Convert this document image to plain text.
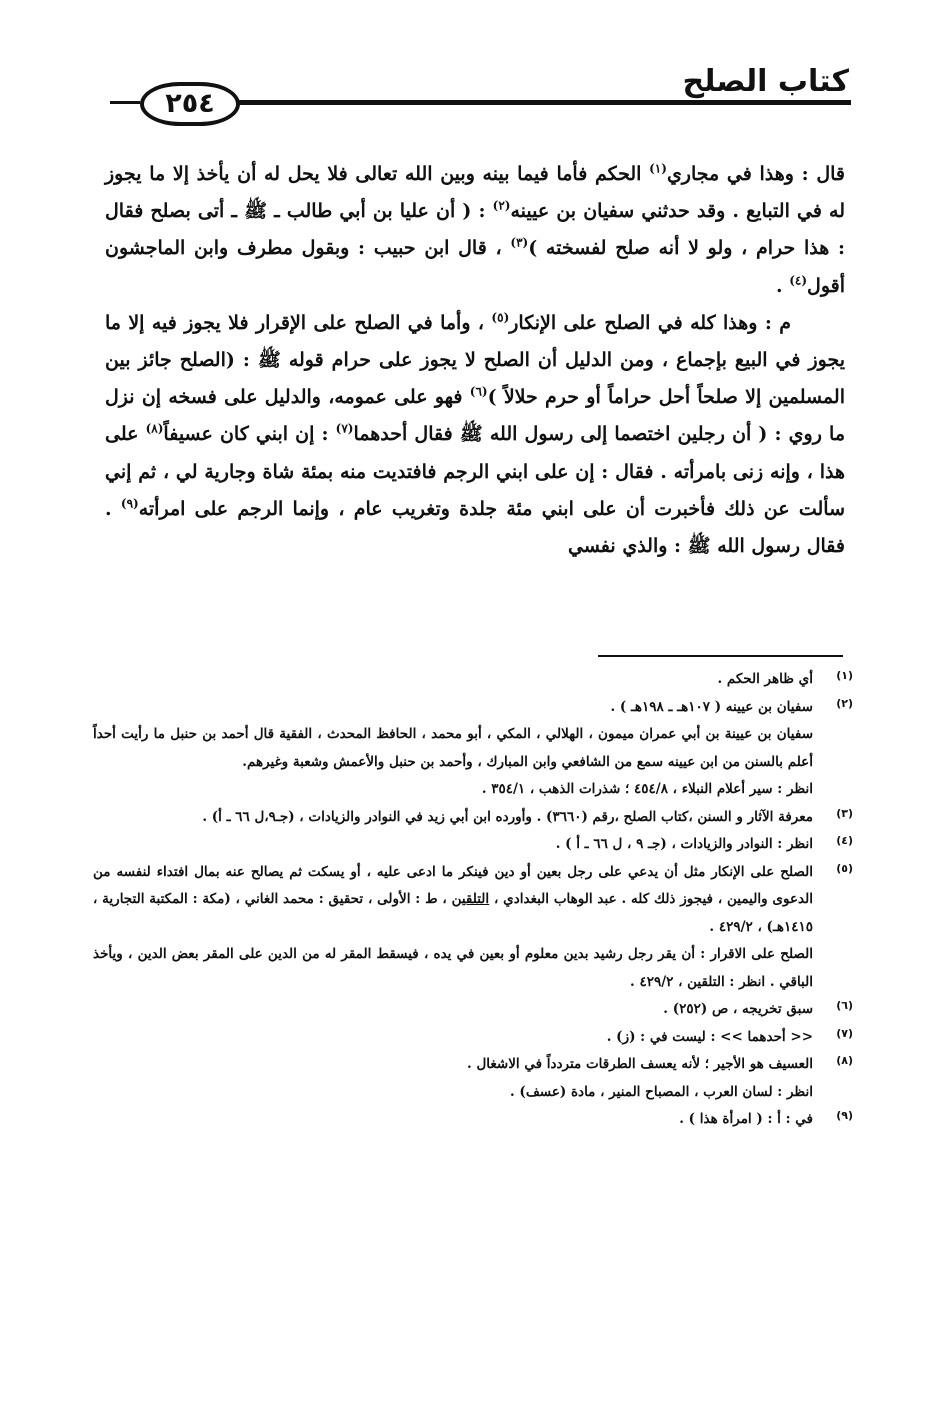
كتاب الصلح
٢٥٤

قال : وهذا في مجاري$^{(١)}$ الحكم فأما فيما بينه وبين الله تعالى فلا يحل له أن يأخذ إلا ما يجوز له في التبايع . وقد حدثني سفيان بن عيينه$^{(٢)}$ : ( أن عليا بن أبي طالب ـ ﷺ ـ أتى بصلح فقال : هذا حرام ، ولو لا أنه صلح لفسخته )$^{(٣)}$ ، قال ابن حبيب : وبقول مطرف وابن الماجشون أقول$^{(٤)}$ .

م : وهذا كله في الصلح على الإنكار$^{(٥)}$ ، وأما في الصلح على الإقرار فلا يجوز فيه إلا ما يجوز في البيع بإجماع ، ومن الدليل أن الصلح لا يجوز على حرام قوله ﷺ : (الصلح جائز بين المسلمين إلا صلحاً أحل حراماً أو حرم حلالاً )$^{(٦)}$ فهو على عمومه، والدليل على فسخه إن نزل ما روي : ( أن رجلين اختصما إلى رسول الله ﷺ فقال أحدهما$^{(٧)}$ : إن ابني كان عسيفاً$^{(٨)}$ على هذا ، وإنه زنى بامرأته . فقال : إن على ابني الرجم فافتديت منه بمئة شاة وجارية لي ، ثم إني سألت عن ذلك فأخبرت أن على ابني مئة جلدة وتغريب عام ، وإنما الرجم على امرأته$^{(٩)}$ . فقال رسول الله ﷺ : والذي نفسي

(١)
أي ظاهر الحكم .
(٢)
سفيان بن عيينه ( ١٠٧هـ ـ ١٩٨هـ ) .
سفيان بن عيينة بن أبي عمران ميمون ، الهلالي ، المكي ، أبو محمد ، الحافظ المحدث ، الفقية قال أحمد بن حنبل ما رأيت أحداً أعلم بالسنن من ابن عيينه سمع من الشافعي وابن المبارك ، وأحمد بن حنبل والأعمش وشعبة وغيرهم.
انظر : سير أعلام النبلاء ، ٤٥٤/٨ ؛ شذرات الذهب ، ٣٥٤/١ .
(٣)
معرفة الآثار و السنن ،كتاب الصلح ،رقم (٣٦٦٠) . وأورده ابن أبي زيد في النوادر والزيادات ، (جـ٩،ل ٦٦ ـ أ) .
(٤)
انظر : النوادر والزيادات ، (جـ ٩ ، ل ٦٦ ـ أ ) .
(٥)
الصلح على الإنكار مثل أن يدعي على رجل بعين أو دين فينكر ما ادعى عليه ، أو يسكت ثم يصالح عنه بمال افتداء لنفسه من الدعوى واليمين ، فيجوز ذلك كله . عبد الوهاب البغدادي ، التلقين ، ط : الأولى ، تحقيق : محمد الغاني ، (مكة : المكتبة التجارية ، ١٤١٥هـ) ، ٤٢٩/٢ .
الصلح على الاقرار : أن يقر رجل رشيد بدين معلوم أو بعين في يده ، فيسقط المقر له من الدين على المقر بعض الدين ، ويأخذ الباقي . انظر : التلقين ، ٤٢٩/٢ .
(٦)
سبق تخريجه ، ص (٢٥٢) .
(٧)
<< أحدهما >> : ليست في : (ز) .
(٨)
العسيف هو الأجير ؛ لأنه يعسف الطرقات متردداً في الاشغال .
انظر : لسان العرب ، المصباح المنير ، مادة (عسف) .
(٩)
في : أ : ( امرأة هذا ) .
